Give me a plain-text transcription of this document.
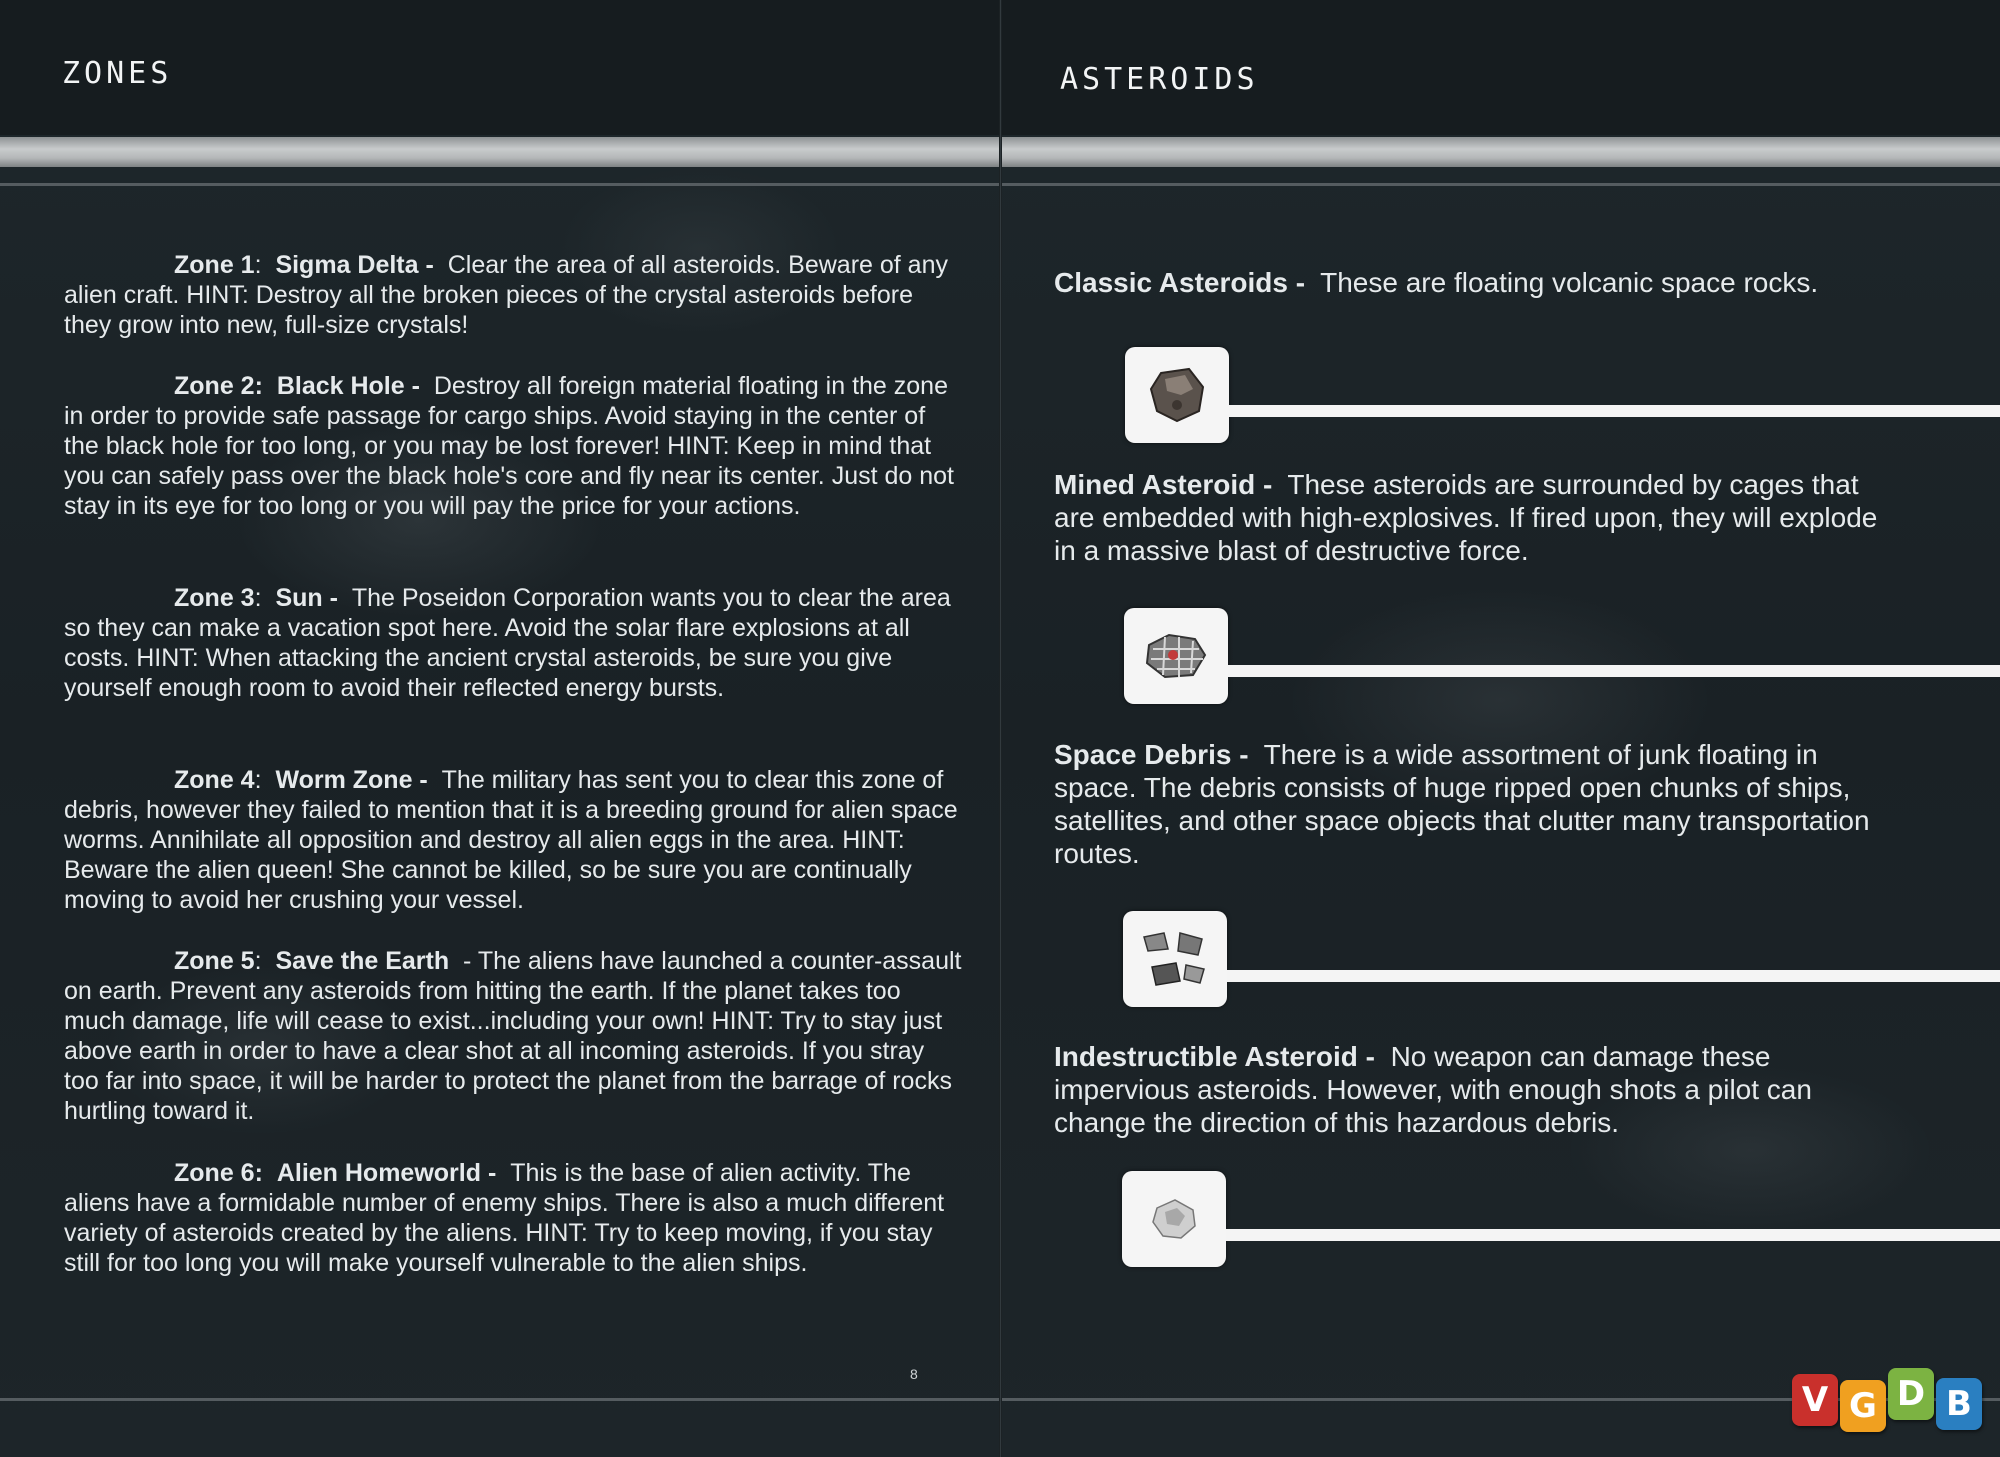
ZONES
Zone 1: Sigma Delta - Clear the area of all asteroids. Beware of any alien craft. HINT: Destroy all the broken pieces of the crystal asteroids before they grow into new, full-size crystals!
Zone 2: Black Hole - Destroy all foreign material floating in the zone in order to provide safe passage for cargo ships. Avoid staying in the center of the black hole for too long, or you may be lost forever! HINT: Keep in mind that you can safely pass over the black hole's core and fly near its center. Just do not stay in its eye for too long or you will pay the price for your actions.
Zone 3: Sun - The Poseidon Corporation wants you to clear the area so they can make a vacation spot here. Avoid the solar flare explosions at all costs. HINT: When attacking the ancient crystal asteroids, be sure you give yourself enough room to avoid their reflected energy bursts.
Zone 4: Worm Zone - The military has sent you to clear this zone of debris, however they failed to mention that it is a breeding ground for alien space worms. Annihilate all opposition and destroy all alien eggs in the area. HINT: Beware the alien queen! She cannot be killed, so be sure you are continually moving to avoid her crushing your vessel.
Zone 5: Save the Earth - The aliens have launched a counter-assault on earth. Prevent any asteroids from hitting the earth. If the planet takes too much damage, life will cease to exist...including your own! HINT: Try to stay just above earth in order to have a clear shot at all incoming asteroids. If you stray too far into space, it will be harder to protect the planet from the barrage of rocks hurtling toward it.
Zone 6: Alien Homeworld - This is the base of alien activity. The aliens have a formidable number of enemy ships. There is also a much different variety of asteroids created by the aliens. HINT: Try to keep moving, if you stay still for too long you will make yourself vulnerable to the alien ships.
8
ASTEROIDS
Classic Asteroids - These are floating volcanic space rocks.
Mined Asteroid - These asteroids are surrounded by cages that are embedded with high-explosives. If fired upon, they will explode in a massive blast of destructive force.
Space Debris - There is a wide assortment of junk floating in space. The debris consists of huge ripped open chunks of ships, satellites, and other space objects that clutter many transportation routes.
Indestructible Asteroid - No weapon can damage these impervious asteroids. However, with enough shots a pilot can change the direction of this hazardous debris.
V G D B
